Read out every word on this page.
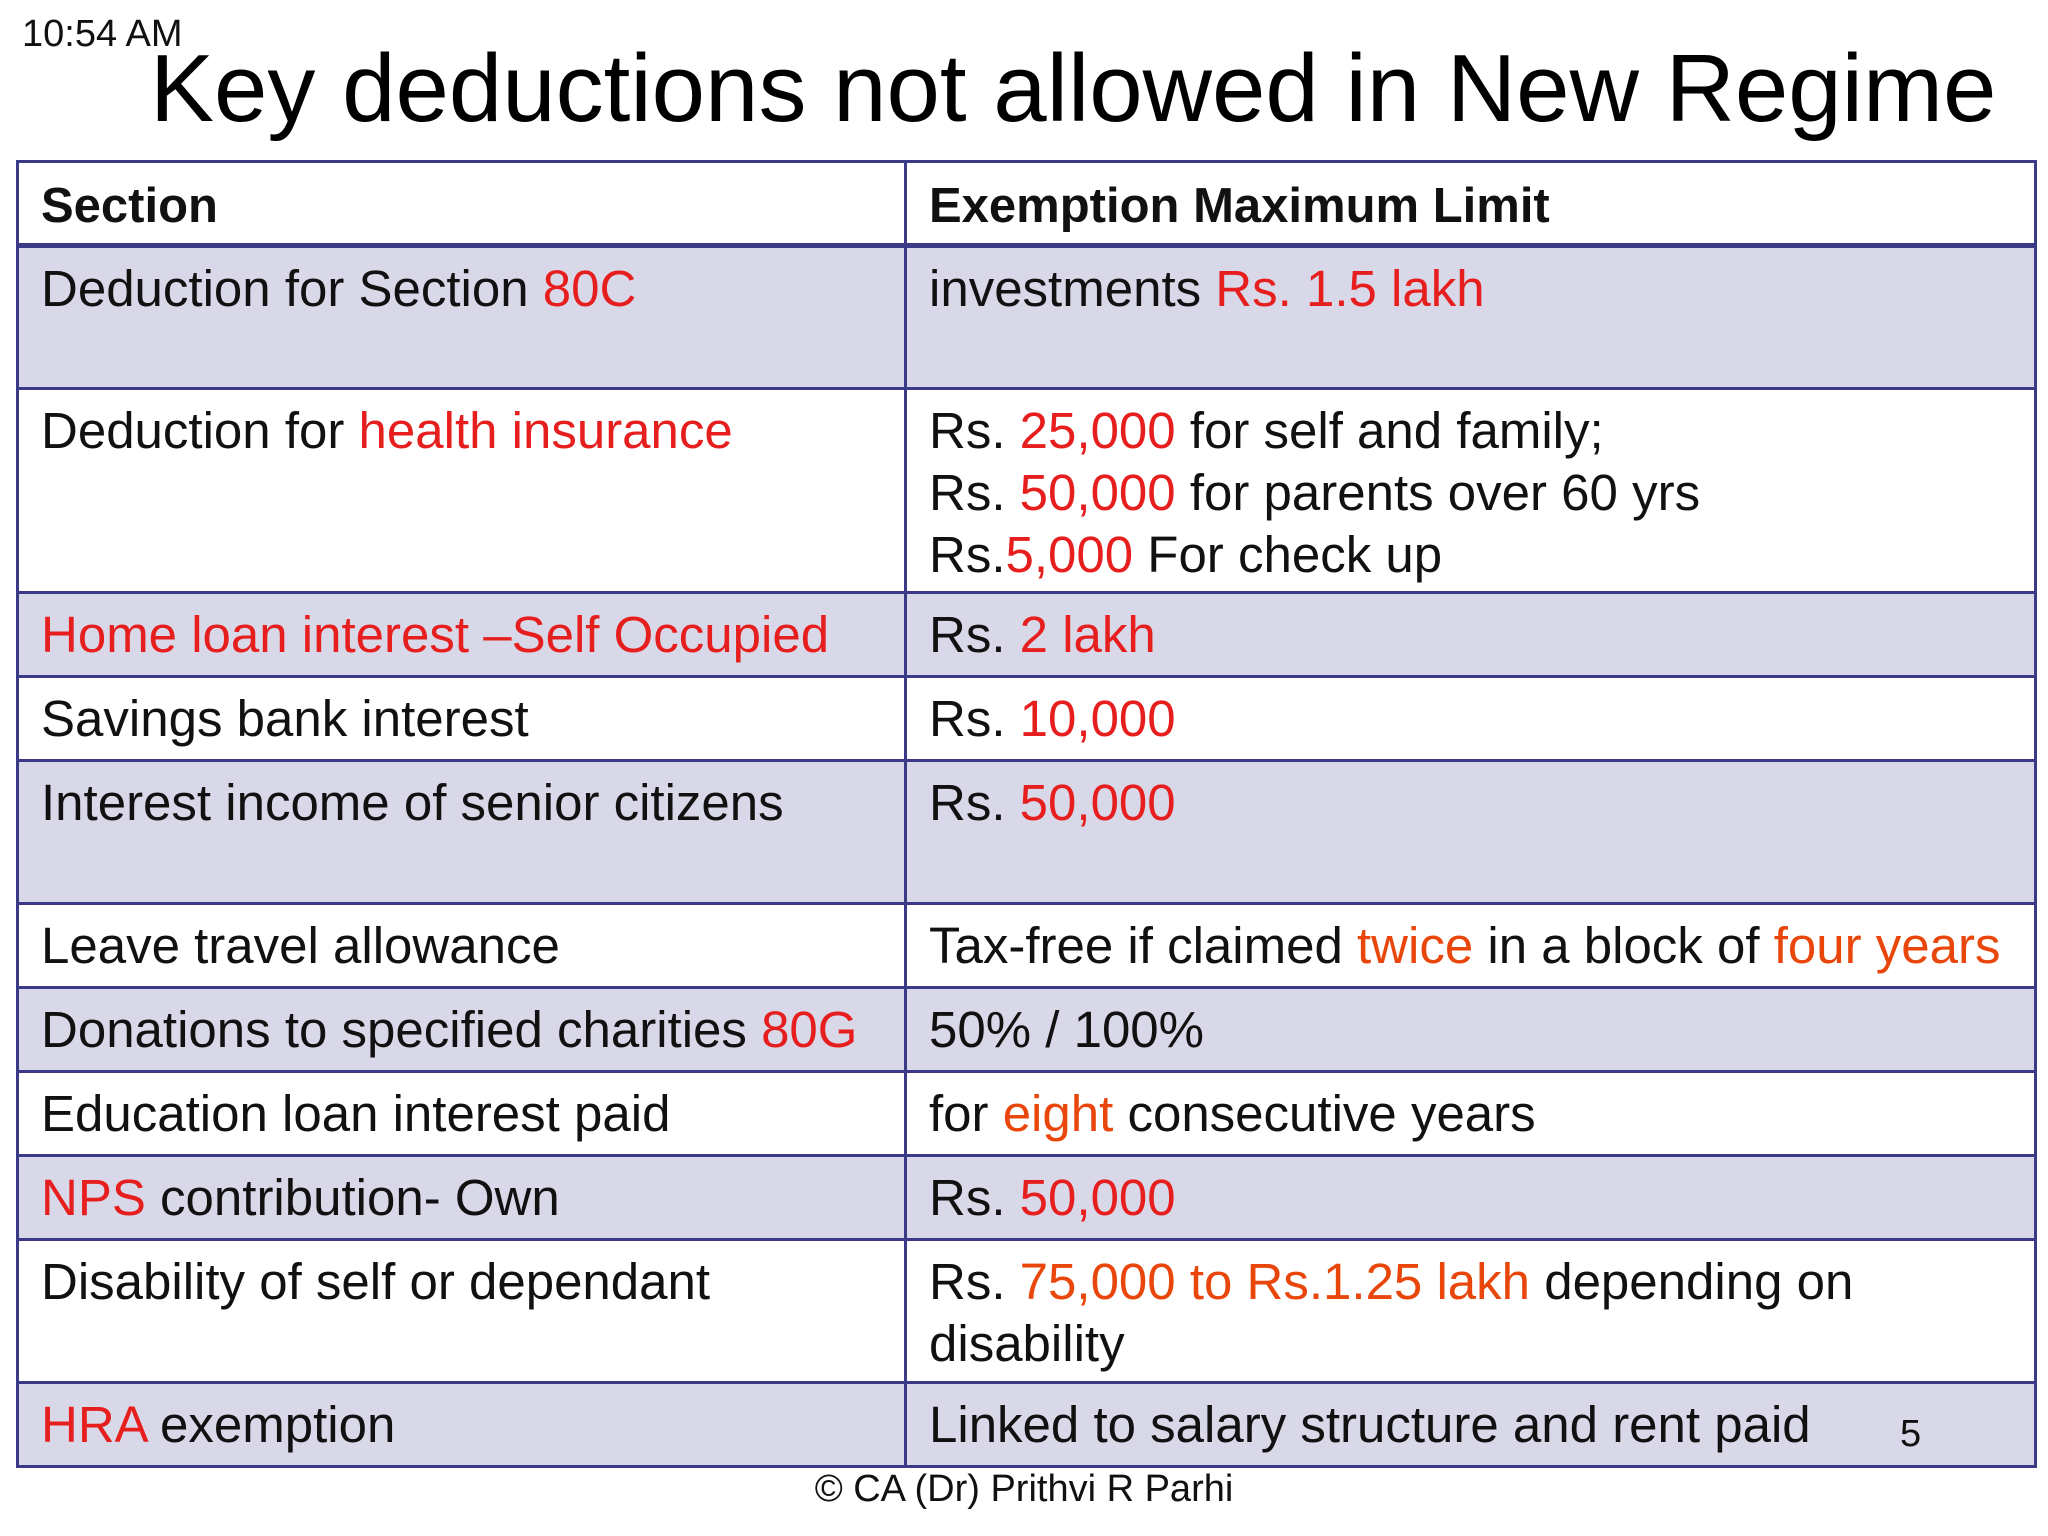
10:54 AM
Key deductions not allowed in New Regime
Section	Exemption Maximum Limit
Deduction for Section 80C	investments Rs. 1.5 lakh

Deduction for health insurance	Rs. 25,000 for self and family;
Rs. 50,000 for parents over 60 yrs
Rs.5,000 For check up

Home loan interest –Self Occupied	Rs. 2 lakh

Savings bank interest	Rs. 10,000

Interest income of senior citizens	Rs. 50,000

Leave travel allowance	Tax-free if claimed twice in a block of four years

Donations to specified charities 80G	50% / 100%

Education loan interest paid	for eight consecutive years

NPS contribution- Own	Rs. 50,000

Disability of self or dependant	Rs. 75,000 to Rs.1.25 lakh depending on
disability

HRA exemption	Linked to salary structure and rent paid	5
© CA (Dr) Prithvi R Parhi
